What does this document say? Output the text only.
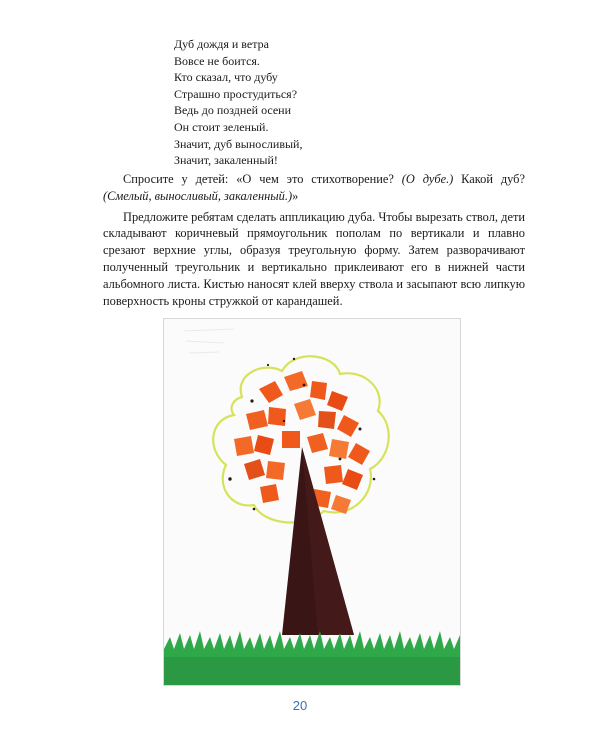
Дуб дождя и ветра
Вовсе не боится.
Кто сказал, что дубу
Страшно простудиться?
Ведь до поздней осени
Он стоит зеленый.
Значит, дуб выносливый,
Значит, закаленный!

Спросите у детей: «О чем это стихотворение? (О дубе.) Какой дуб? (Смелый, выносливый, закаленный.)»

Предложите ребятам сделать аппликацию дуба. Чтобы вырезать ствол, дети складывают коричневый прямоугольник пополам по вертикали и плавно срезают верхние углы, образуя треугольную форму. Затем разворачивают полученный треугольник и вертикально приклеивают его в нижней части альбомного листа. Кистью наносят клей вверху ствола и засыпают всю липкую поверхность кроны стружкой от карандашей.

20
